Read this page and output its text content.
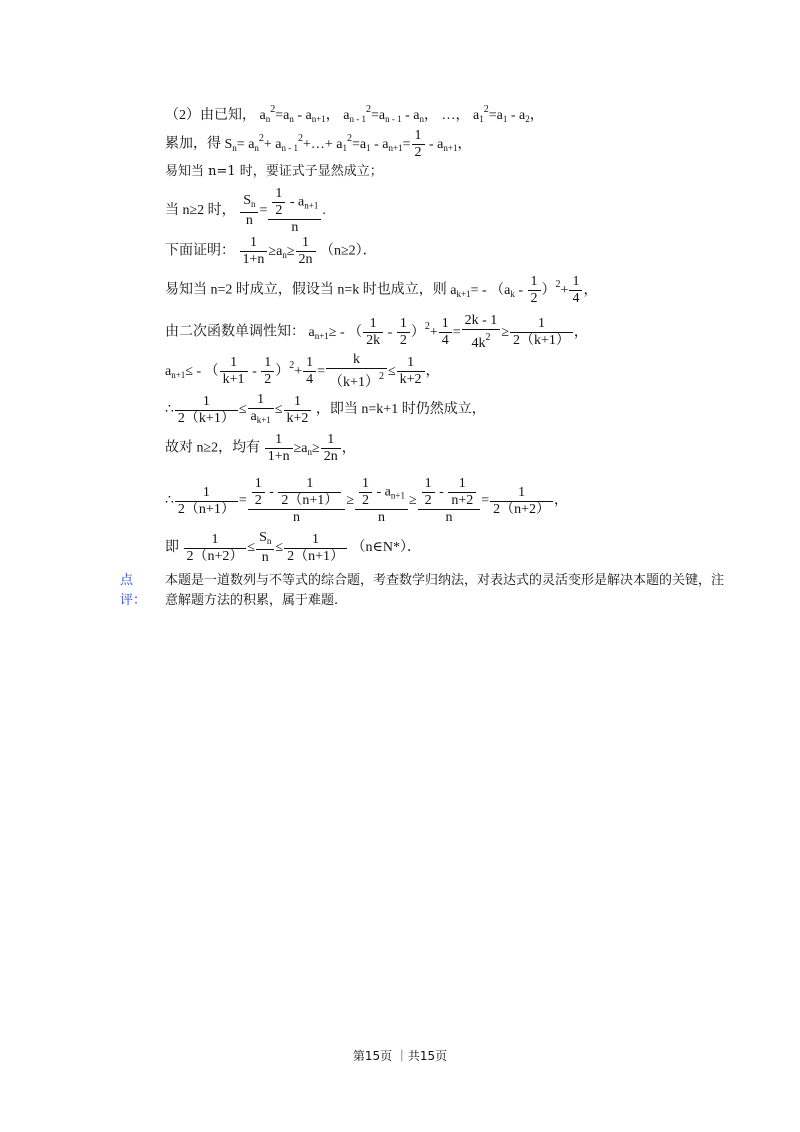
（2）由已知， $a_n^2=a_n - a_{n+1}$， $a_{n - 1}^2=a_{n - 1} - a_n$， …， $a_1^2=a_1 - a_2$，
累加，得 $S_n= a_n^2+$ $a_{n - 1}^2+\dots+ a_1^2=a_1 - a_{n+1}= \frac{1}{2} - a_{n+1}$，
易知当 n=1 时，要证式子显然成立；
当 n≥2 时， $\frac{S_n}{n} = \frac{\frac{1}{2} - a_{n+1}}{n}$ .
下面证明： $\frac{1}{1+n} \ge a_n\ge \frac{1}{2n} (n\ge 2)$．
易知当 n=2 时成立，假设当 n=k 时也成立，则 $a_{k+1}= - (a_k - \frac{1}{2} )^2+ \frac{1}{4}$ ，
由二次函数单调性知： $a_{n+1}\ge$ - （ $\frac{1}{2k} - \frac{1}{2} )^2+ \frac{1}{4} = \frac{2k - 1}{4k^2} \ge \frac{1}{2(k+1)}$ ，
$a_{n+1}\le$ - （ $\frac{1}{k+1} - \frac{1}{2} )^2+ \frac{1}{4} = \frac{k}{(k+1)^2} \le \frac{1}{k+2}$ ，
∴ $\frac{1}{2(k+1)} \le \frac{1}{a_{k+1}} \le \frac{1}{k+2}$ ，即当 n=k+1 时仍然成立，
故对 n≥2，均有 $\frac{1}{1+n} \ge a_n\ge \frac{1}{2n}$ ，
∴ $\frac{1}{2(n+1)} = \frac{\frac{1}{2} - \frac{1}{2(n+1)}}{n} \ge \frac{\frac{1}{2} - a_{n+1}}{n} \ge \frac{\frac{1}{2} - \frac{1}{n+2}}{n} = \frac{1}{2(n+2)}$ ，
即 $\frac{1}{2(n+2)} \le \frac{S_n}{n} \le \frac{1}{2(n+1)}$ （n∈N*）．
点
评：
本题是一道数列与不等式的综合题，考查数学归纳法，对表达式的灵活变形是解决本题的关键，注意解题方法的积累，属于难题.
第15页 ｜共15页
